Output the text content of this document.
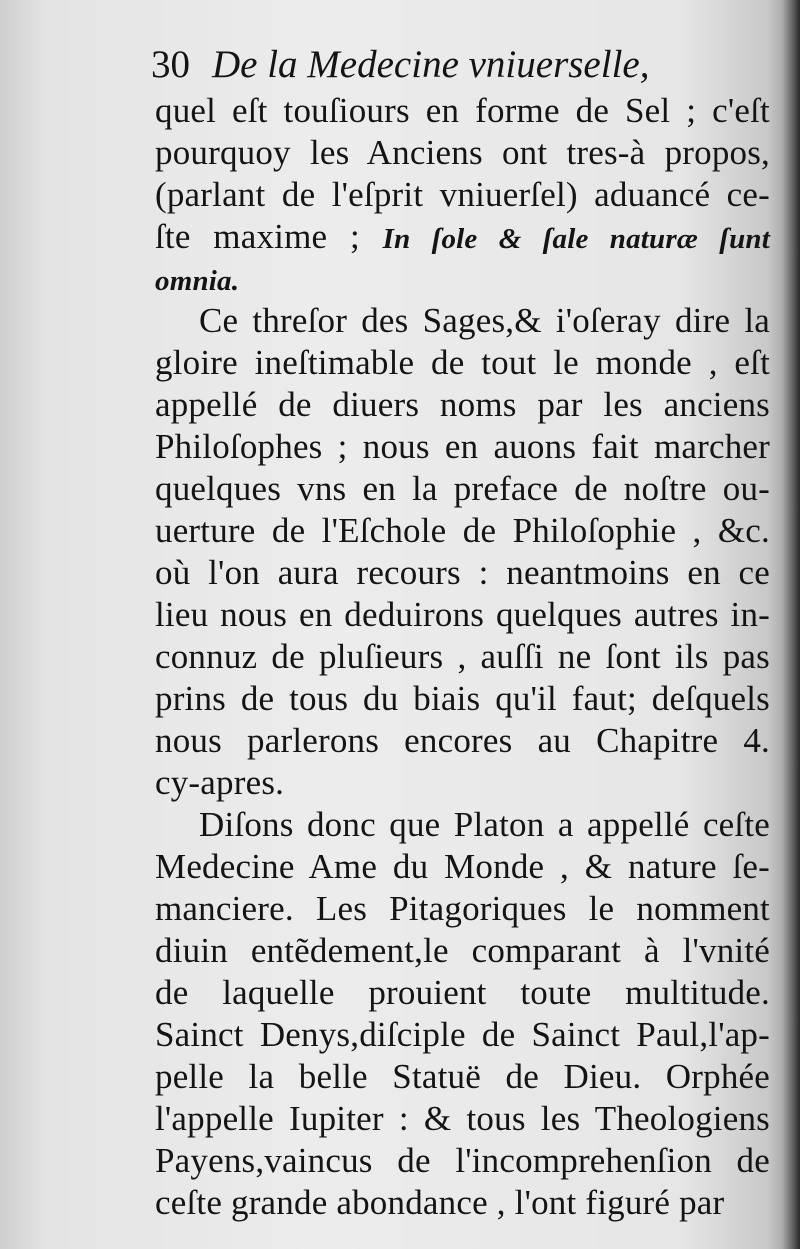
30 De la Medecine vniuerselle,
quel eſt touſiours en forme de Sel ; c'eſt
pourquoy les Anciens ont tres-à propos,
(parlant de l'eſprit vniuerſel) aduancé ce-
ſte maxime ; In ſole & ſale naturæ ſunt
omnia.
Ce threſor des Sages,& i'oſeray dire la
gloire ineſtimable de tout le monde , eſt
appellé de diuers noms par les anciens
Philoſophes ; nous en auons fait marcher
quelques vns en la preface de noſtre ou-
uerture de l'Eſchole de Philoſophie , &c.
où l'on aura recours : neantmoins en ce
lieu nous en deduirons quelques autres in-
connuz de pluſieurs , auſſi ne ſont ils pas
prins de tous du biais qu'il faut; deſquels
nous parlerons encores au Chapitre 4.
cy-apres.
Diſons donc que Platon a appellé ceſte
Medecine Ame du Monde , & nature ſe-
manciere. Les Pitagoriques le nomment
diuin entẽdement,le comparant à l'vnité
de laquelle prouient toute multitude.
Sainct Denys,diſciple de Sainct Paul,l'ap-
pelle la belle Statuë de Dieu. Orphée
l'appelle Iupiter : & tous les Theologiens
Payens,vaincus de l'incomprehenſion de
ceſte grande abondance , l'ont figuré par
